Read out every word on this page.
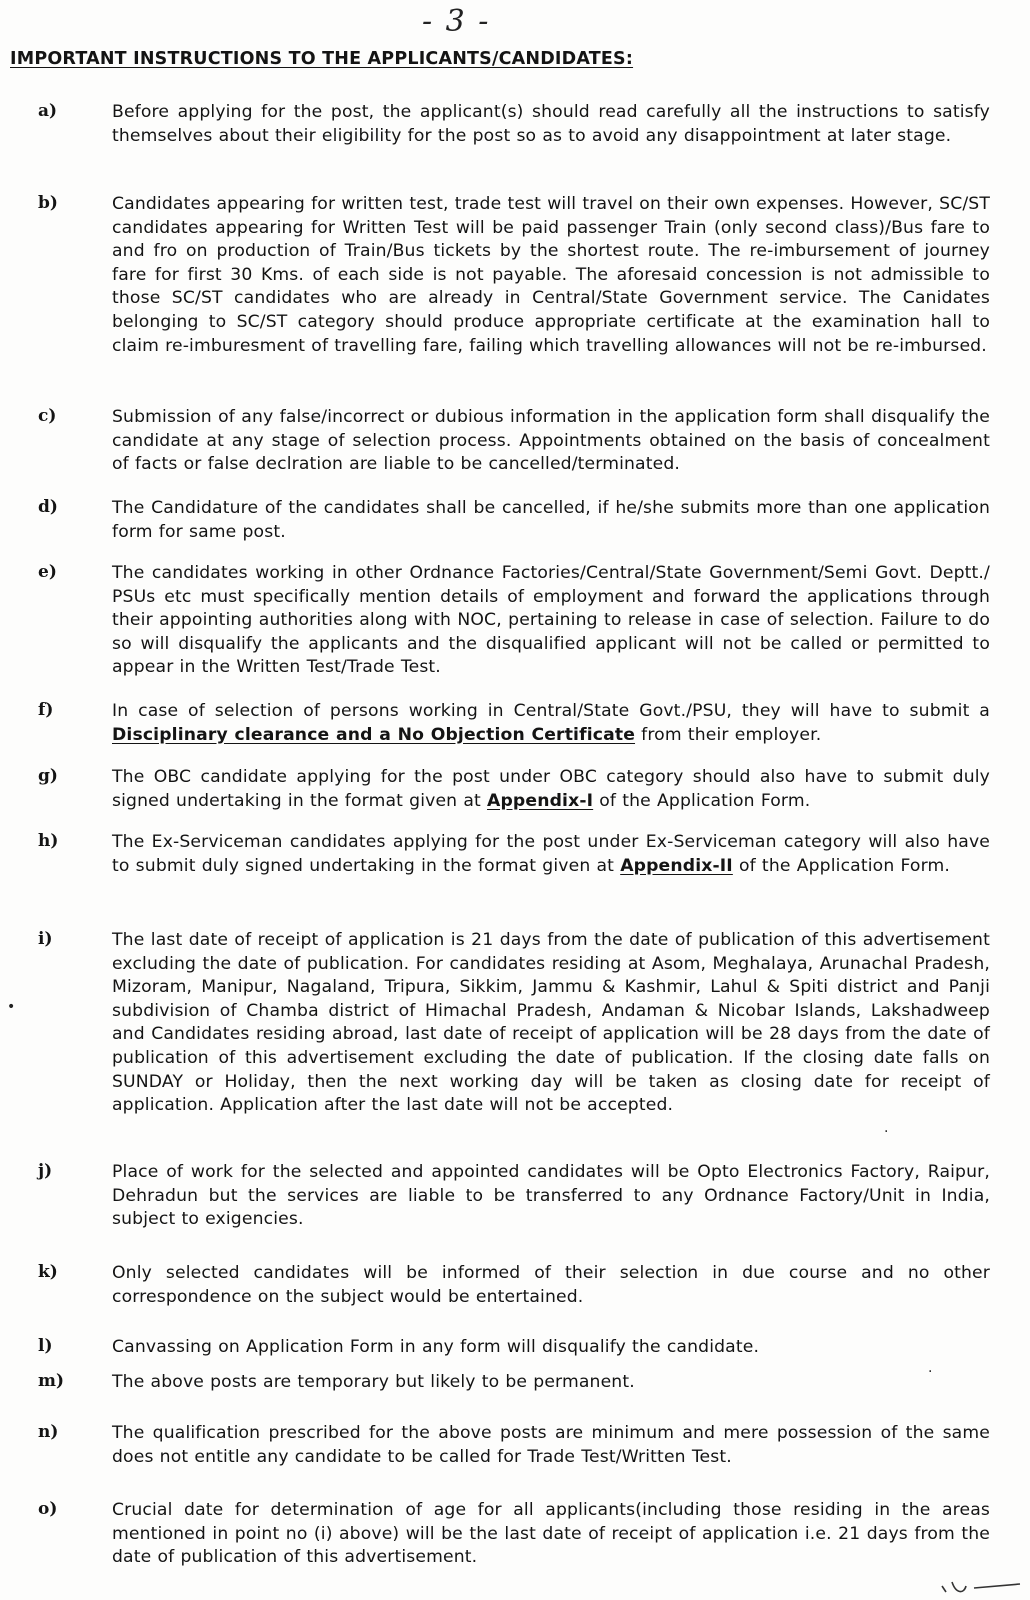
- 3 -
IMPORTANT INSTRUCTIONS TO THE APPLICANTS/CANDIDATES:
a)	Before applying for the post, the applicant(s) should read carefully all the instructions to satisfy themselves about their eligibility for the post so as to avoid any disappointment at later stage.
b)	Candidates appearing for written test, trade test will travel on their own expenses. However, SC/ST candidates appearing for Written Test will be paid passenger Train (only second class)/Bus fare to and fro on production of Train/Bus tickets by the shortest route. The re-imbursement of journey fare for first 30 Kms. of each side is not payable. The aforesaid concession is not admissible to those SC/ST candidates who are already in Central/State Government service. The Canidates belonging to SC/ST category should produce appropriate certificate at the examination hall to claim re-imburesment of travelling fare, failing which travelling allowances will not be re-imbursed.
c)	Submission of any false/incorrect or dubious information in the application form shall disqualify the candidate at any stage of selection process. Appointments obtained on the basis of concealment of facts or false declration are liable to be cancelled/terminated.
d)	The Candidature of the candidates shall be cancelled, if he/she submits more than one application form for same post.
e)	The candidates working in other Ordnance Factories/Central/State Government/Semi Govt. Deptt./ PSUs etc must specifically mention details of employment and forward the applications through their appointing authorities along with NOC, pertaining to release in case of selection. Failure to do so will disqualify the applicants and the disqualified applicant will not be called or permitted to appear in the Written Test/Trade Test.
f)	In case of selection of persons working in Central/State Govt./PSU, they will have to submit a Disciplinary clearance and a No Objection Certificate from their employer.
g)	The OBC candidate applying for the post under OBC category should also have to submit duly signed undertaking in the format given at Appendix-I of the Application Form.
h)	The Ex-Serviceman candidates applying for the post under Ex-Serviceman category will also have to submit duly signed undertaking in the format given at Appendix-II of the Application Form.
i)	The last date of receipt of application is 21 days from the date of publication of this advertisement excluding the date of publication. For candidates residing at Asom, Meghalaya, Arunachal Pradesh, Mizoram, Manipur, Nagaland, Tripura, Sikkim, Jammu & Kashmir, Lahul & Spiti district and Panji subdivision of Chamba district of Himachal Pradesh, Andaman & Nicobar Islands, Lakshadweep and Candidates residing abroad, last date of receipt of application will be 28 days from the date of publication of this advertisement excluding the date of publication. If the closing date falls on SUNDAY or Holiday, then the next working day will be taken as closing date for receipt of application. Application after the last date will not be accepted.
j)	Place of work for the selected and appointed candidates will be Opto Electronics Factory, Raipur, Dehradun but the services are liable to be transferred to any Ordnance Factory/Unit in India, subject to exigencies.
k)	Only selected candidates will be informed of their selection in due course and no other correspondence on the subject would be entertained.
l)	Canvassing on Application Form in any form will disqualify the candidate.
m)	The above posts are temporary but likely to be permanent.
n)	The qualification prescribed for the above posts are minimum and mere possession of the same does not entitle any candidate to be called for Trade Test/Written Test.
o)	Crucial date for determination of age for all applicants(including those residing in the areas mentioned in point no (i) above) will be the last date of receipt of application i.e. 21 days from the date of publication of this advertisement.
•
·
·
